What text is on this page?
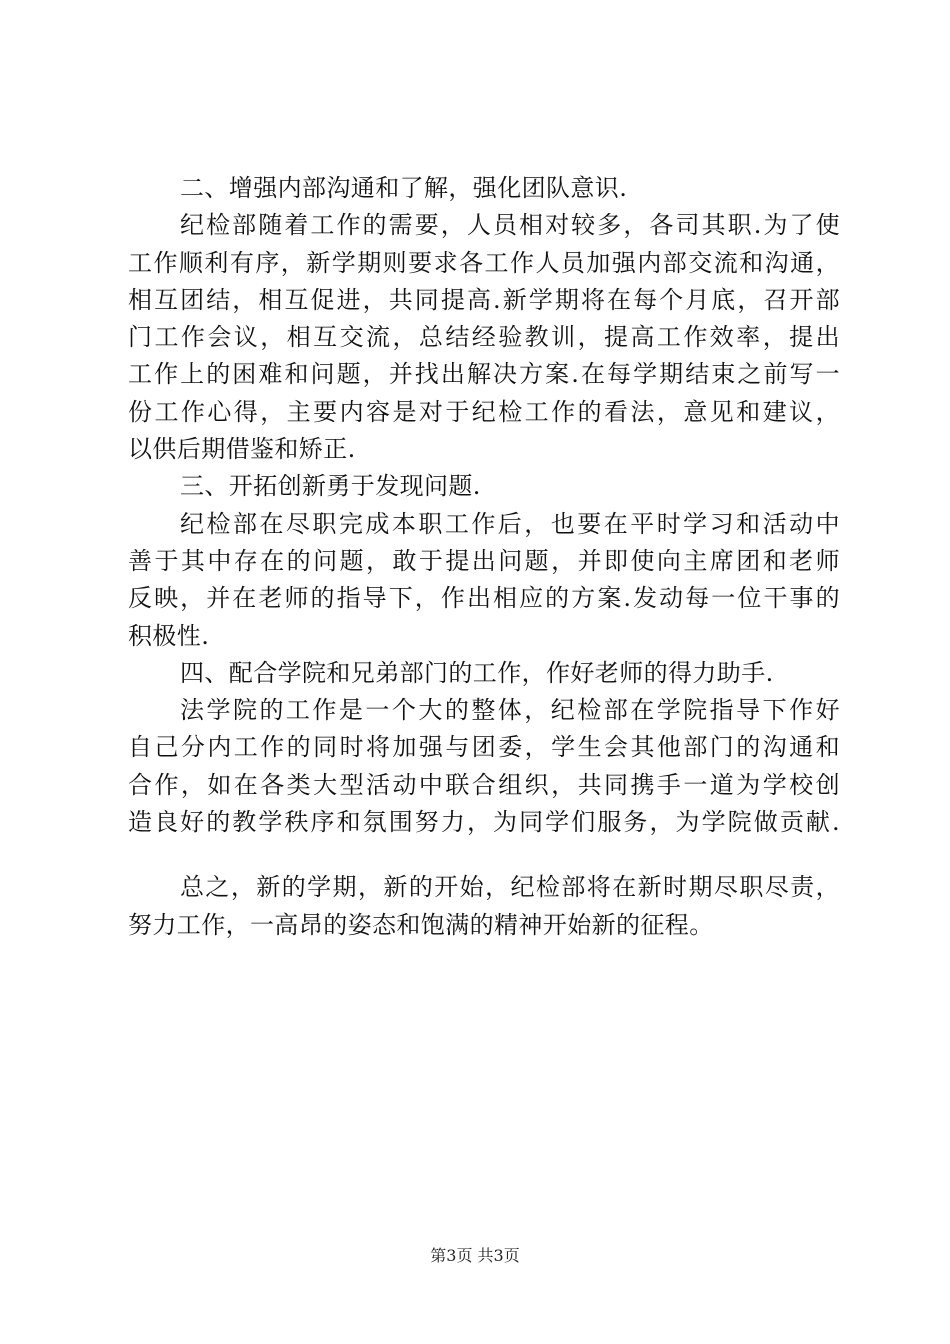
二、增强内部沟通和了解，强化团队意识.
纪检部随着工作的需要，人员相对较多，各司其职.为了使
工作顺利有序，新学期则要求各工作人员加强内部交流和沟通，
相互团结，相互促进，共同提高.新学期将在每个月底，召开部
门工作会议，相互交流，总结经验教训，提高工作效率，提出
工作上的困难和问题，并找出解决方案.在每学期结束之前写一
份工作心得，主要内容是对于纪检工作的看法，意见和建议，
以供后期借鉴和矫正.
三、开拓创新勇于发现问题.
纪检部在尽职完成本职工作后，也要在平时学习和活动中
善于其中存在的问题，敢于提出问题，并即使向主席团和老师
反映，并在老师的指导下，作出相应的方案.发动每一位干事的
积极性.
四、配合学院和兄弟部门的工作，作好老师的得力助手.
法学院的工作是一个大的整体，纪检部在学院指导下作好
自己分内工作的同时将加强与团委，学生会其他部门的沟通和
合作，如在各类大型活动中联合组织，共同携手一道为学校创
造良好的教学秩序和氛围努力，为同学们服务，为学院做贡献.
总之，新的学期，新的开始，纪检部将在新时期尽职尽责，
努力工作，一高昂的姿态和饱满的精神开始新的征程。
第3页 共3页
